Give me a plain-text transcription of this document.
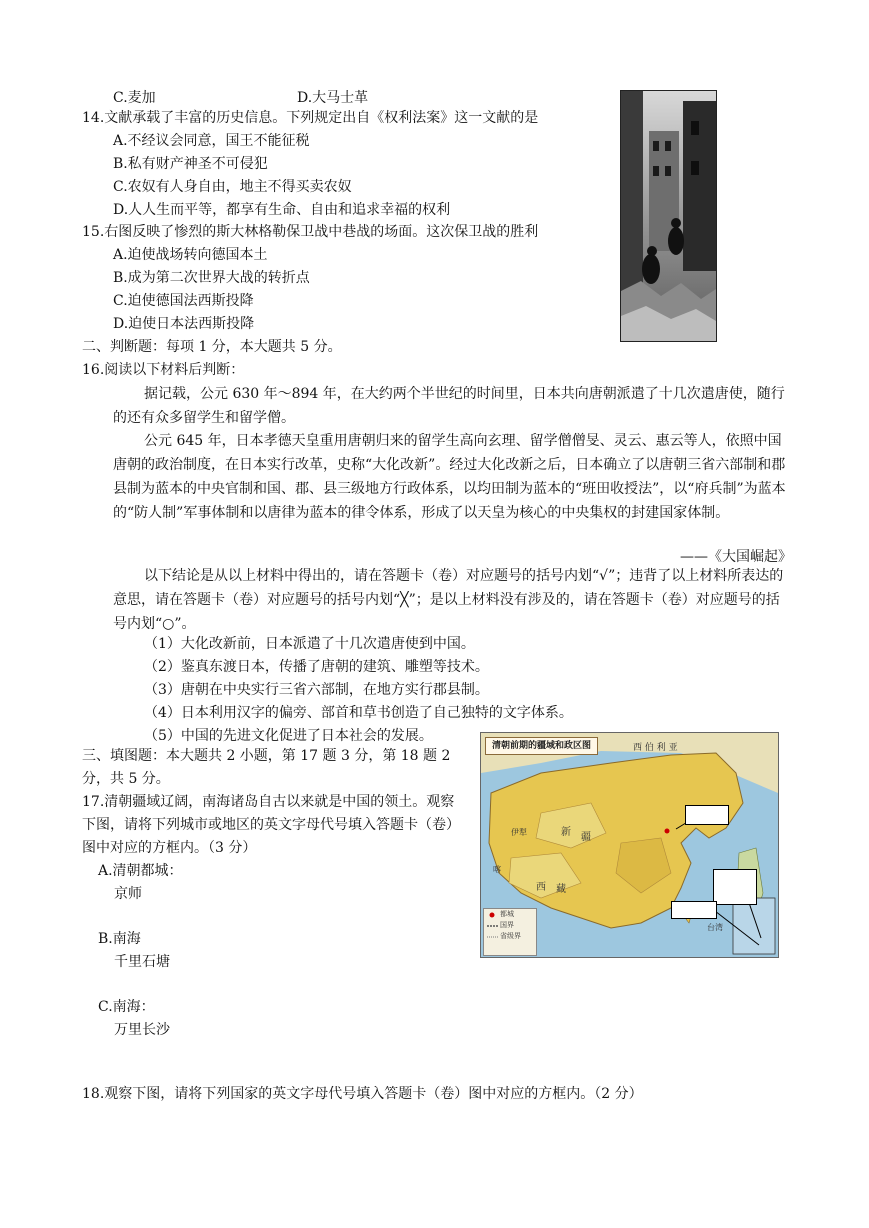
C.麦加	D.大马士革
14.文献承载了丰富的历史信息。下列规定出自《权利法案》这一文献的是
A.不经议会同意，国王不能征税
B.私有财产神圣不可侵犯
C.农奴有人身自由，地主不得买卖农奴
D.人人生而平等，都享有生命、自由和追求幸福的权利
15.右图反映了惨烈的斯大林格勒保卫战中巷战的场面。这次保卫战的胜利
A.迫使战场转向德国本土
B.成为第二次世界大战的转折点
C.迫使德国法西斯投降
D.迫使日本法西斯投降
二、判断题：每项 1 分，本大题共 5 分。
16.阅读以下材料后判断：
据记载，公元 630 年～894 年，在大约两个半世纪的时间里，日本共向唐朝派遣了十几次遣唐使，随行的还有众多留学生和留学僧。
公元 645 年，日本孝德天皇重用唐朝归来的留学生高向玄理、留学僧僧旻、灵云、惠云等人，依照中国唐朝的政治制度，在日本实行改革，史称“大化改新”。经过大化改新之后，日本确立了以唐朝三省六部制和郡县制为蓝本的中央官制和国、郡、县三级地方行政体系，以均田制为蓝本的“班田收授法”，以“府兵制”为蓝本的“防人制”军事体制和以唐律为蓝本的律令体系，形成了以天皇为核心的中央集权的封建国家体制。
——《大国崛起》
以下结论是从以上材料中得出的，请在答题卡（卷）对应题号的括号内划“√”；违背了以上材料所表达的意思，请在答题卡（卷）对应题号的括号内划“╳”；是以上材料没有涉及的，请在答题卡（卷）对应题号的括号内划“○”。
（1）大化改新前，日本派遣了十几次遣唐使到中国。
（2）鉴真东渡日本，传播了唐朝的建筑、雕塑等技术。
（3）唐朝在中央实行三省六部制，在地方实行郡县制。
（4）日本利用汉字的偏旁、部首和草书创造了自己独特的文字体系。
（5）中国的先进文化促进了日本社会的发展。
三、填图题：本大题共 2 小题，第 17 题 3 分，第 18 题 2 分，共 5 分。
17.清朝疆域辽阔，南海诸岛自古以来就是中国的领土。观察下图，请将下列城市或地区的英文字母代号填入答题卡（卷）图中对应的方框内。（3 分）
A.清朝都城：
京师
B.南海
千里石塘
C.南海：
万里长沙
清朝前期的疆域和政区图	西 伯 利 亚
伊犁	新 疆
喀
西 藏
台湾
都城
国界
省级界
18.观察下图，请将下列国家的英文字母代号填入答题卡（卷）图中对应的方框内。（2 分）
